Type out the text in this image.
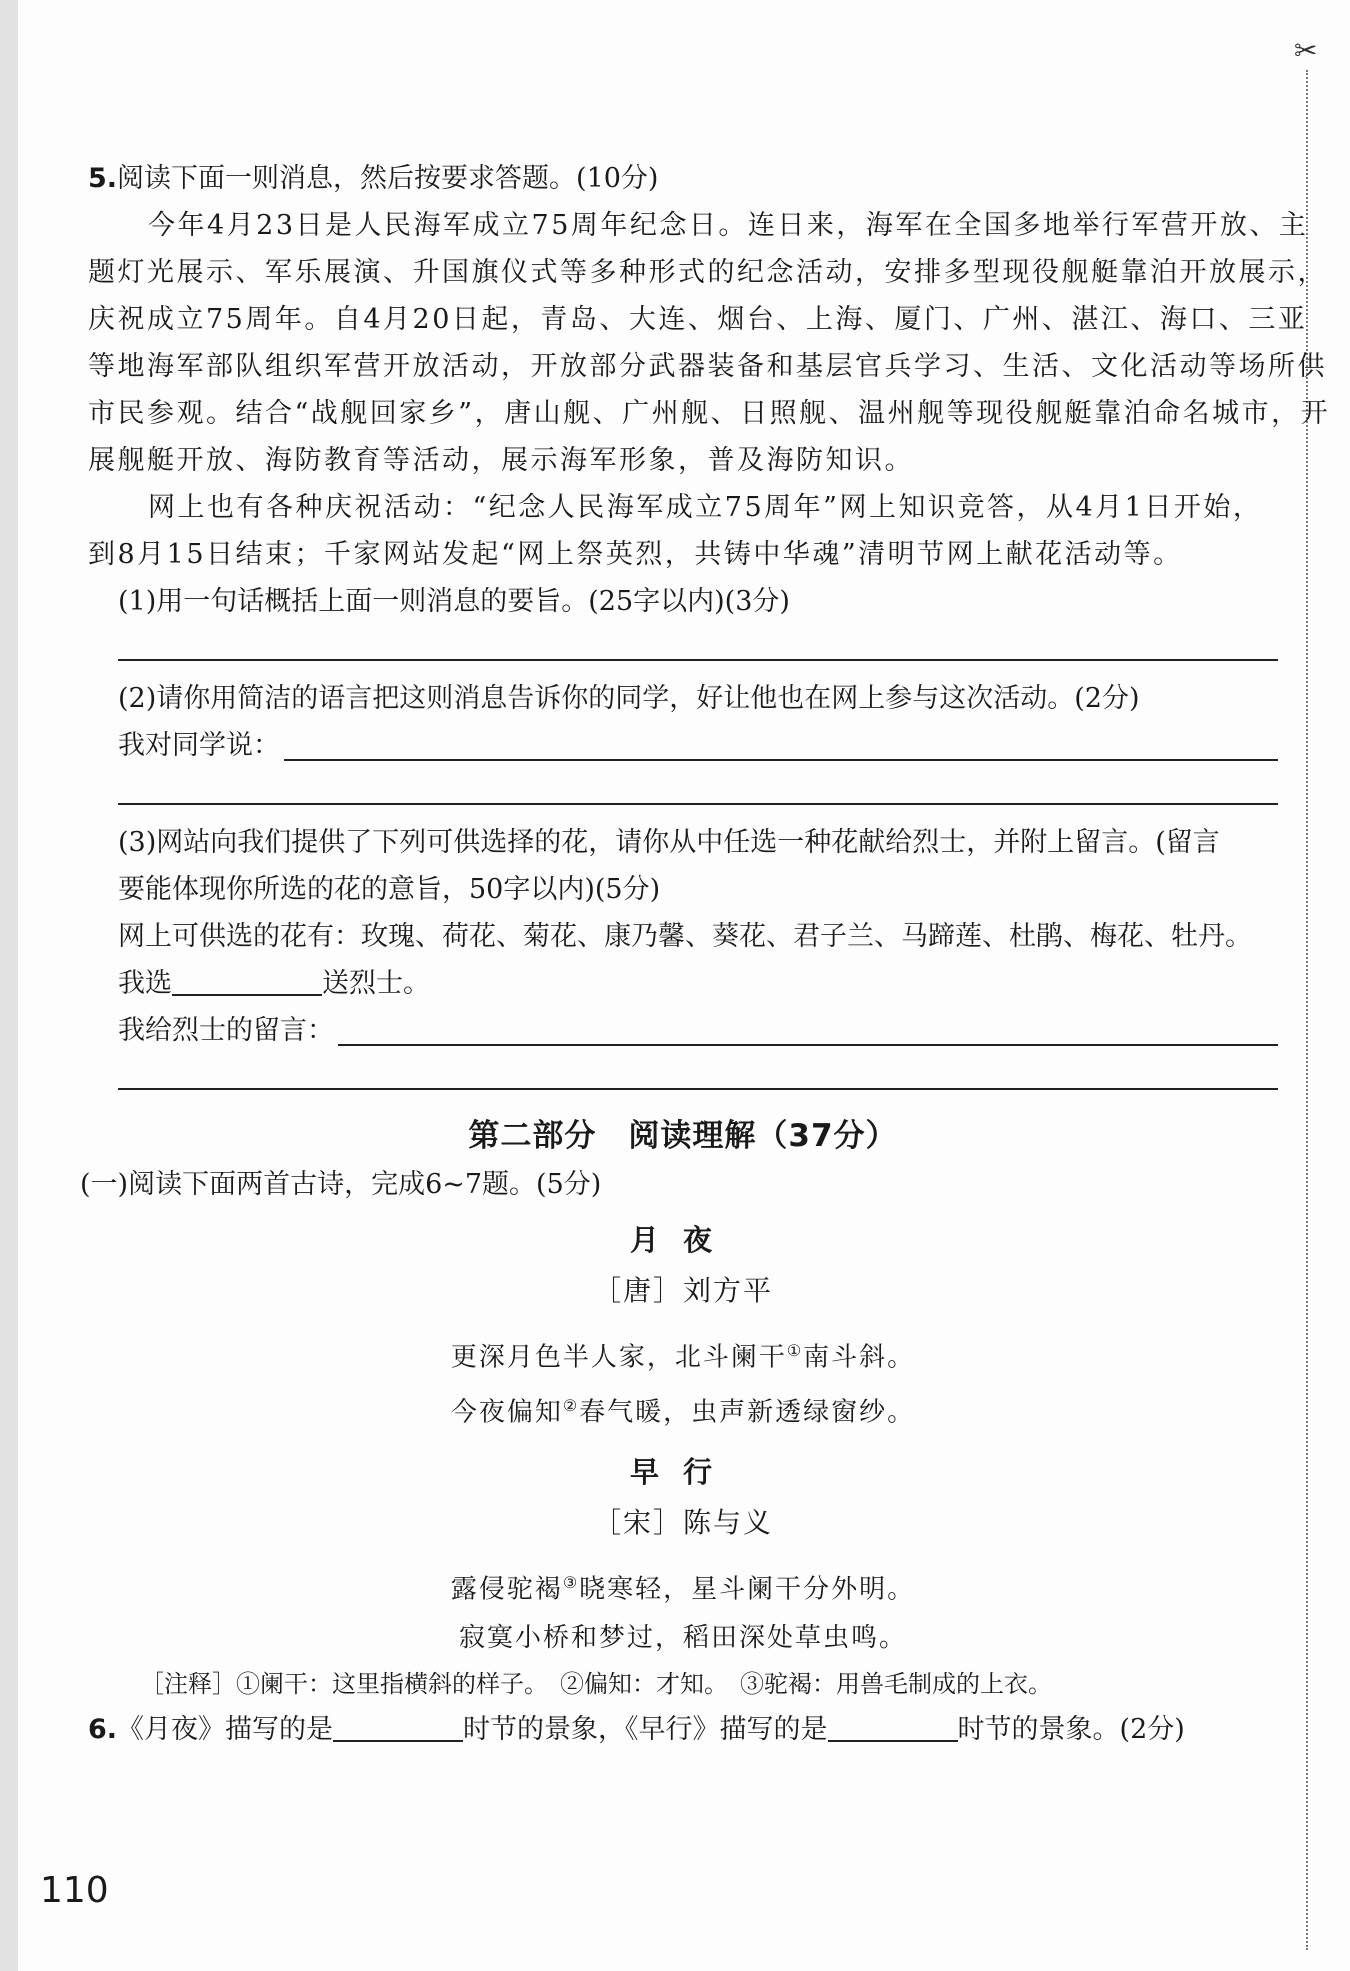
✂
5.阅读下面一则消息，然后按要求答题。(10分)
今年4月23日是人民海军成立75周年纪念日。连日来，海军在全国多地举行军营开放、主
题灯光展示、军乐展演、升国旗仪式等多种形式的纪念活动，安排多型现役舰艇靠泊开放展示，
庆祝成立75周年。自4月20日起，青岛、大连、烟台、上海、厦门、广州、湛江、海口、三亚
等地海军部队组织军营开放活动，开放部分武器装备和基层官兵学习、生活、文化活动等场所供
市民参观。结合“战舰回家乡”，唐山舰、广州舰、日照舰、温州舰等现役舰艇靠泊命名城市，开
展舰艇开放、海防教育等活动，展示海军形象，普及海防知识。
网上也有各种庆祝活动：“纪念人民海军成立75周年”网上知识竞答，从4月1日开始，
到8月15日结束；千家网站发起“网上祭英烈，共铸中华魂”清明节网上献花活动等。
(1)用一句话概括上面一则消息的要旨。(25字以内)(3分)
(2)请你用简洁的语言把这则消息告诉你的同学，好让他也在网上参与这次活动。(2分)
我对同学说：
(3)网站向我们提供了下列可供选择的花，请你从中任选一种花献给烈士，并附上留言。(留言
要能体现你所选的花的意旨，50字以内)(5分)
网上可供选的花有：玫瑰、荷花、菊花、康乃馨、葵花、君子兰、马蹄莲、杜鹃、梅花、牡丹。
我选	送烈士。
我给烈士的留言：
第二部分　阅读理解（37分）
(一)阅读下面两首古诗，完成6~7题。(5分)
月夜
［唐］刘方平
更深月色半人家，北斗阑干①南斗斜。
今夜偏知②春气暖，虫声新透绿窗纱。
早行
［宋］陈与义
露侵驼褐③晓寒轻，星斗阑干分外明。
寂寞小桥和梦过，稻田深处草虫鸣。
［注释］①阑干：这里指横斜的样子。　②偏知：才知。　③驼褐：用兽毛制成的上衣。
6.《月夜》描写的是	时节的景象，《早行》描写的是	时节的景象。(2分)
110
